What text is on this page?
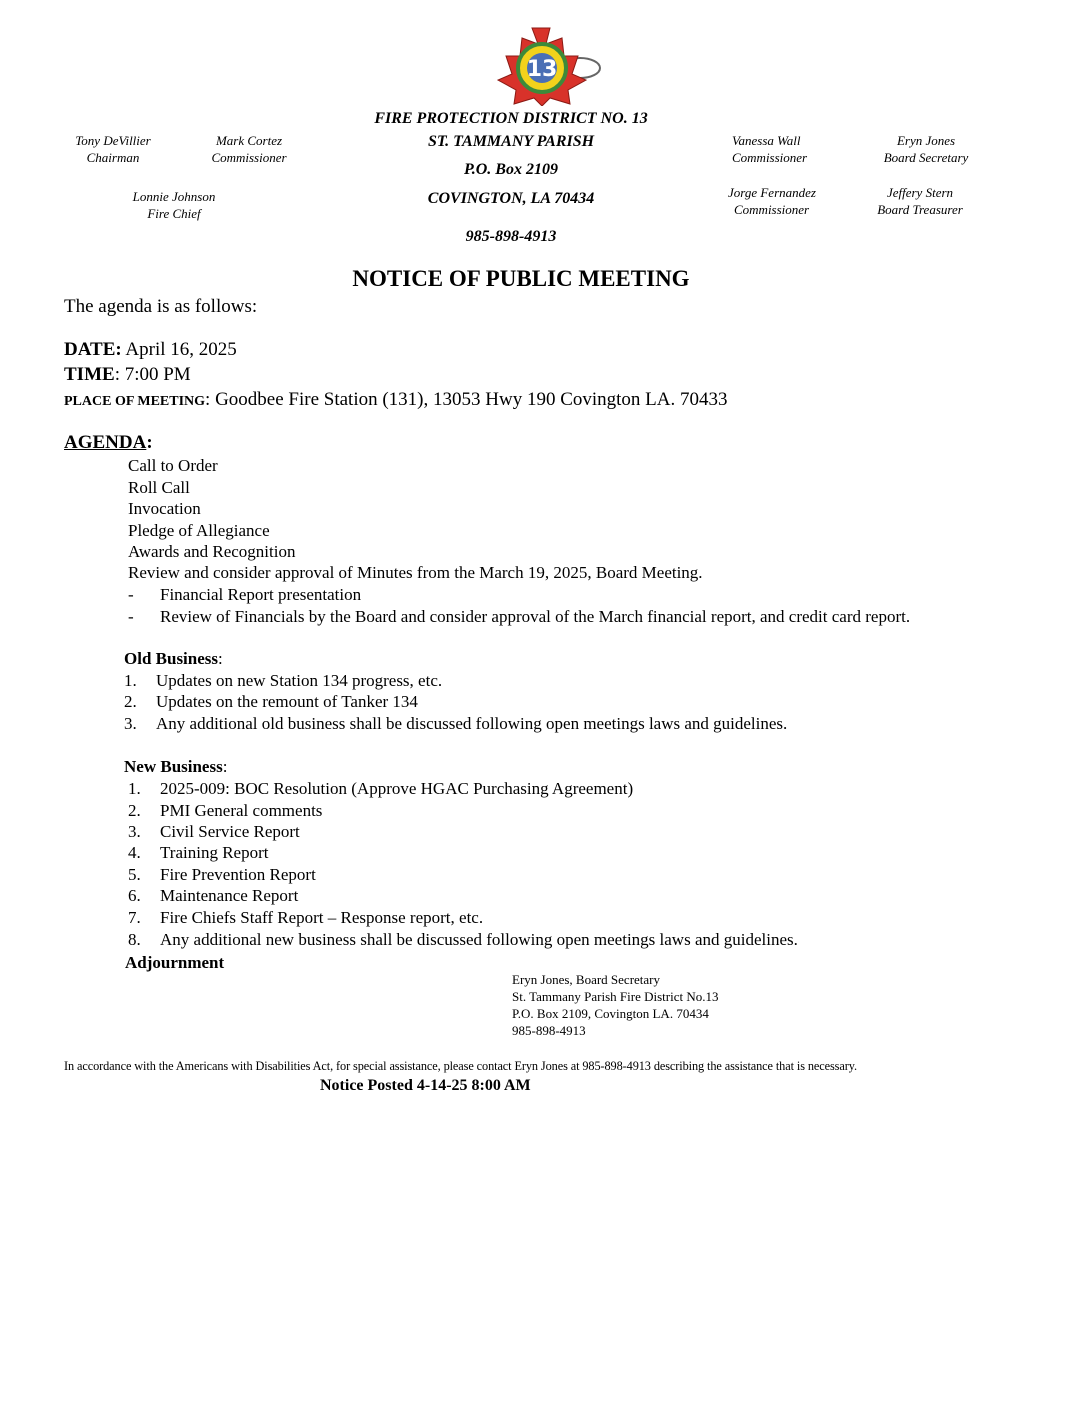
13
Tony DeVillier
Chairman
Mark Cortez
Commissioner
Lonnie Johnson
Fire Chief
Vanessa Wall
Commissioner
Eryn Jones
Board Secretary
Jorge Fernandez
Commissioner
Jeffery Stern
Board Treasurer
FIRE PROTECTION DISTRICT NO. 13
ST. TAMMANY PARISH
P.O. Box 2109
COVINGTON, LA 70434
985-898-4913
NOTICE OF PUBLIC MEETING
The agenda is as follows:
DATE: April 16, 2025
TIME: 7:00 PM
PLACE OF MEETING: Goodbee Fire Station (131), 13053 Hwy 190 Covington LA. 70433
AGENDA:
Call to Order
Roll Call
Invocation
Pledge of Allegiance
Awards and Recognition
Review and consider approval of Minutes from the March 19, 2025, Board Meeting.
- Financial Report presentation
- Review of Financials by the Board and consider approval of the March financial report, and credit card report.
Old Business:
1. Updates on new Station 134 progress, etc.
2. Updates on the remount of Tanker 134
3. Any additional old business shall be discussed following open meetings laws and guidelines.
New Business:
1. 2025-009: BOC Resolution (Approve HGAC Purchasing Agreement)
2. PMI General comments
3. Civil Service Report
4. Training Report
5. Fire Prevention Report
6. Maintenance Report
7. Fire Chiefs Staff Report – Response report, etc.
8. Any additional new business shall be discussed following open meetings laws and guidelines.
Adjournment
Eryn Jones, Board Secretary
St. Tammany Parish Fire District No.13
P.O. Box 2109, Covington LA. 70434
985-898-4913
In accordance with the Americans with Disabilities Act, for special assistance, please contact Eryn Jones at 985-898-4913 describing the assistance that is necessary.
Notice Posted 4-14-25 8:00 AM
